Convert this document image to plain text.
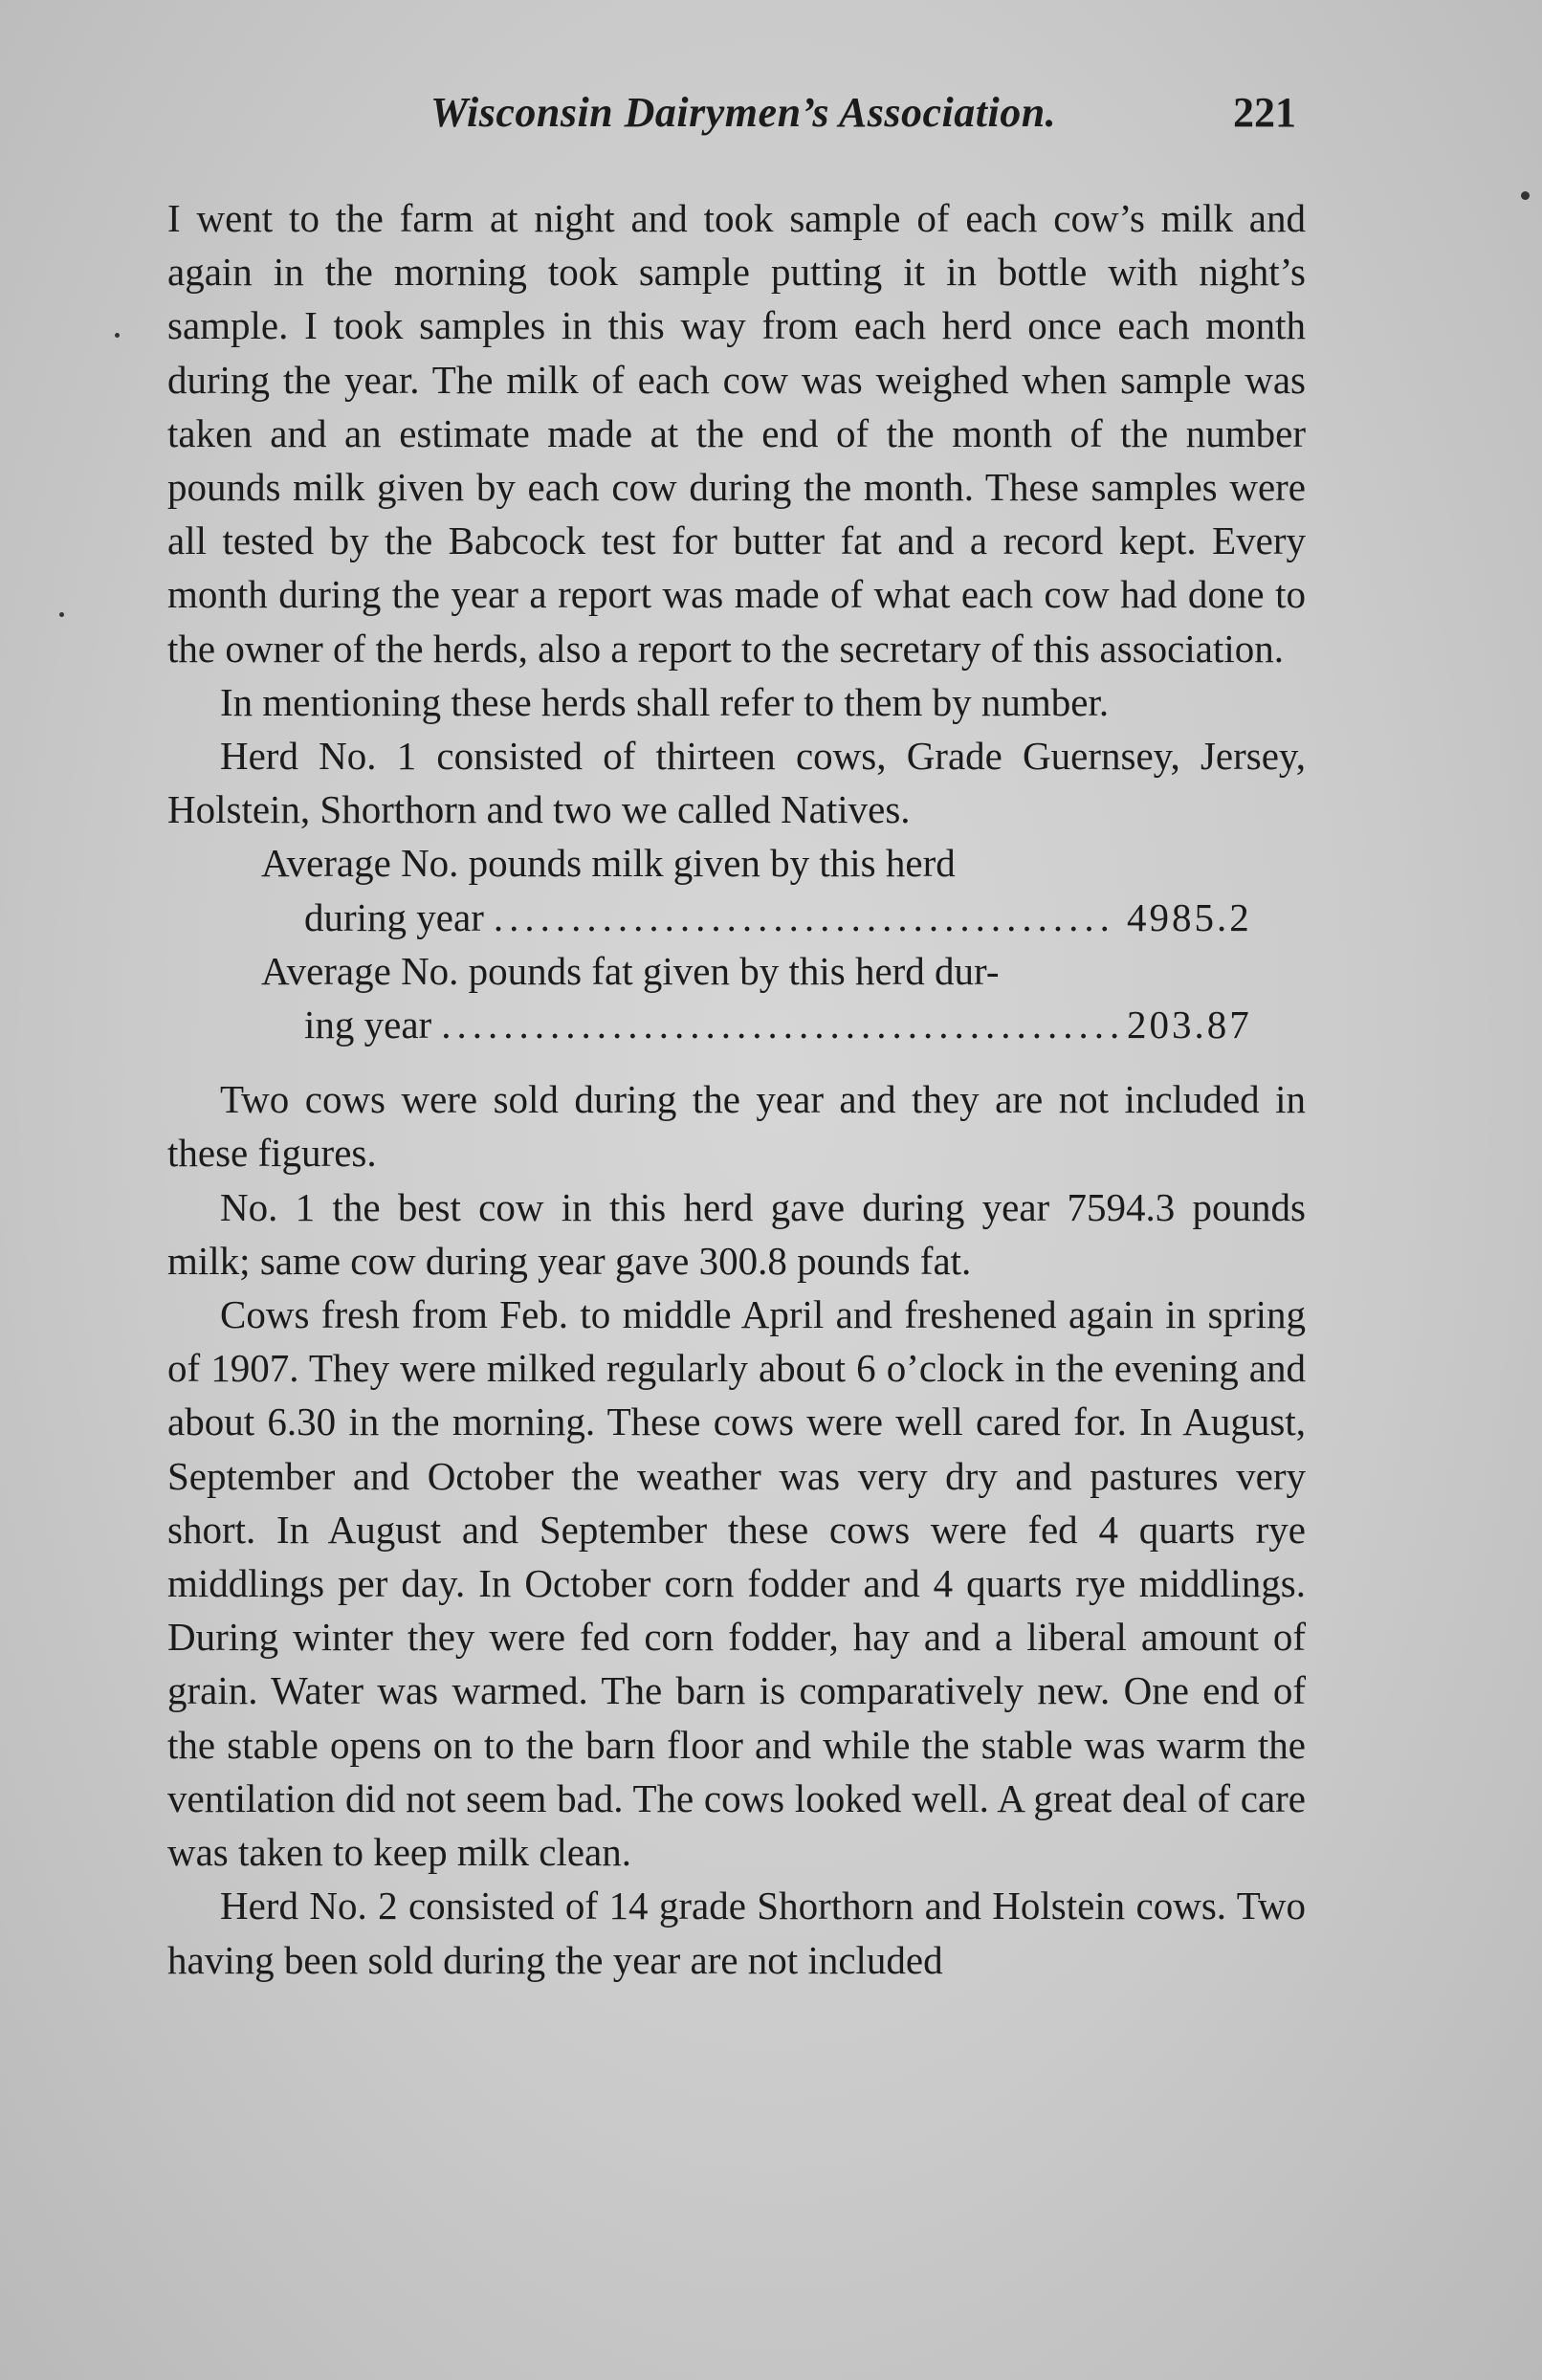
Wisconsin Dairymen’s Association.	221

I went to the farm at night and took sample of each cow’s milk and again in the morning took sample putting it in bottle with night’s sample. I took samples in this way from each herd once each month during the year. The milk of each cow was weighed when sample was taken and an estimate made at the end of the month of the number pounds milk given by each cow during the month. These samples were all tested by the Babcock test for butter fat and a record kept. Every month during the year a report was made of what each cow had done to the owner of the herds, also a report to the secretary of this association.

In mentioning these herds shall refer to them by number.

Herd No. 1 consisted of thirteen cows, Grade Guernsey, Jersey, Holstein, Shorthorn and two we called Natives.

Average No. pounds milk given by this herd
during year .....	4985.2
Average No. pounds fat given by this herd dur-
ing year .....	203.87

Two cows were sold during the year and they are not included in these figures.

No. 1 the best cow in this herd gave during year 7594.3 pounds milk; same cow during year gave 300.8 pounds fat.

Cows fresh from Feb. to middle April and freshened again in spring of 1907. They were milked regularly about 6 o’clock in the evening and about 6.30 in the morning. These cows were well cared for. In August, September and October the weather was very dry and pastures very short. In August and September these cows were fed 4 quarts rye middlings per day. In October corn fodder and 4 quarts rye middlings. During winter they were fed corn fodder, hay and a liberal amount of grain. Water was warmed. The barn is comparatively new. One end of the stable opens on to the barn floor and while the stable was warm the ventilation did not seem bad. The cows looked well. A great deal of care was taken to keep milk clean.

Herd No. 2 consisted of 14 grade Shorthorn and Holstein cows. Two having been sold during the year are not included
